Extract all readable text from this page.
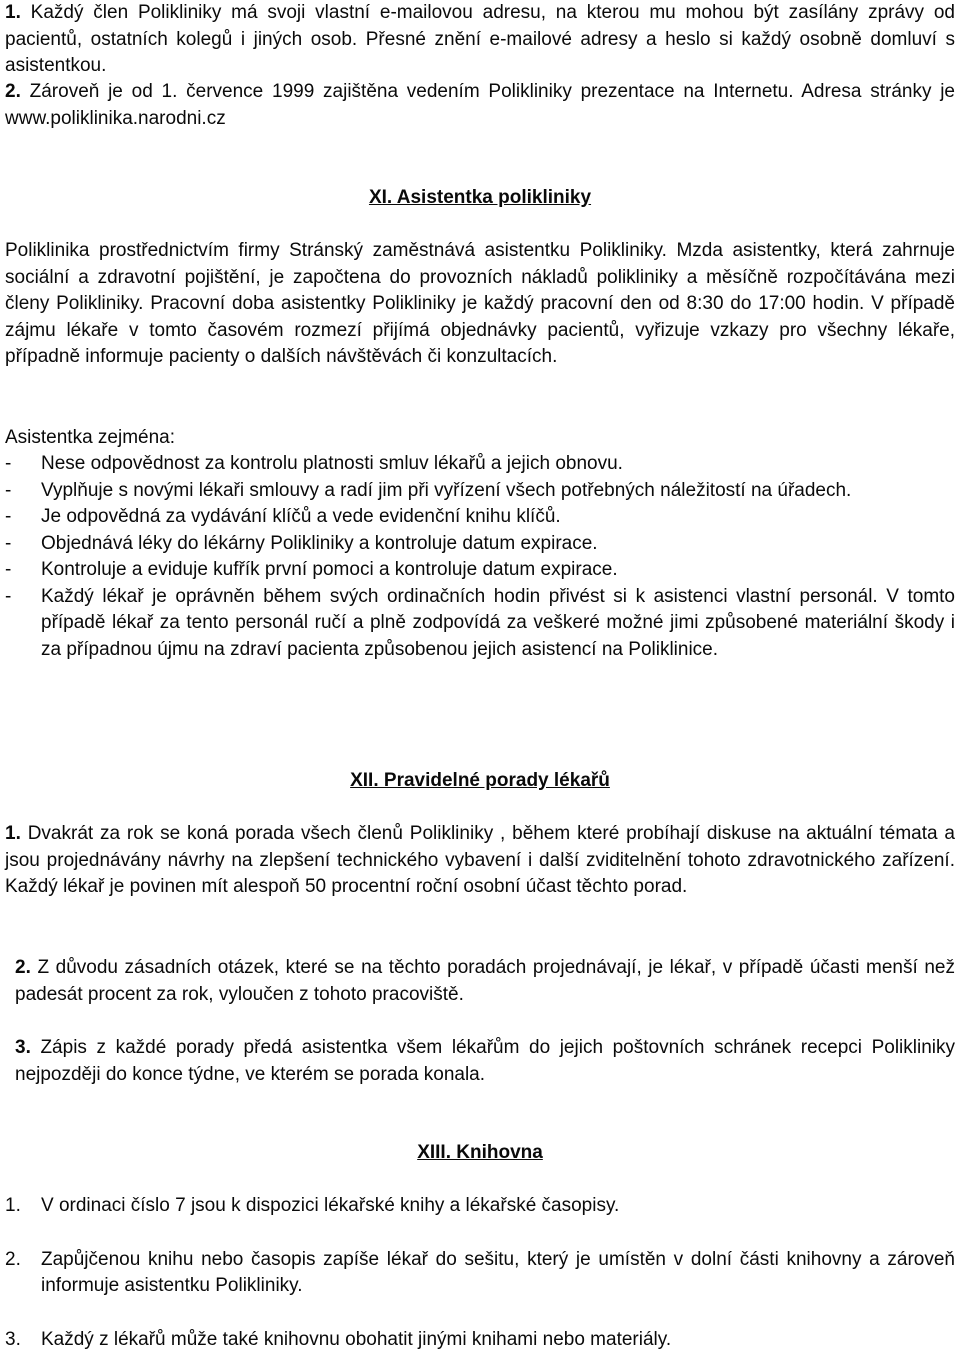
1. Každý člen Polikliniky má svoji vlastní e-mailovou adresu, na kterou mu mohou být zasílány zprávy od pacientů, ostatních kolegů i jiných osob. Přesné znění e-mailové adresy a heslo si každý osobně domluví s asistentkou.

2. Zároveň je od 1. července 1999 zajištěna vedením Polikliniky prezentace na Internetu. Adresa stránky je www.poliklinika.narodni.cz

XI. Asistentka polikliniky

Poliklinika prostřednictvím firmy Stránský zaměstnává asistentku Polikliniky. Mzda asistentky, která zahrnuje sociální a zdravotní pojištění, je započtena do provozních nákladů polikliniky a měsíčně rozpočítávána mezi členy Polikliniky. Pracovní doba asistentky Polikliniky je každý pracovní den od 8:30 do 17:00 hodin. V případě zájmu lékaře v tomto časovém rozmezí přijímá objednávky pacientů, vyřizuje vzkazy pro všechny lékaře, případně informuje pacienty o dalších návštěvách či konzultacích.

Asistentka zejména:

- Nese odpovědnost za kontrolu platnosti smluv lékařů a jejich obnovu.
- Vyplňuje s novými lékaři smlouvy a radí jim při vyřízení všech potřebných náležitostí na úřadech.
- Je odpovědná za vydávání klíčů a vede evidenční knihu klíčů.
- Objednává léky do lékárny Polikliniky a kontroluje datum expirace.
- Kontroluje a eviduje kufřík první pomoci a kontroluje datum expirace.
- Každý lékař je oprávněn během svých ordinačních hodin přivést si k asistenci vlastní personál. V tomto případě lékař za tento personál ručí a plně zodpovídá za veškeré možné jimi způsobené materiální škody i za případnou újmu na zdraví pacienta způsobenou jejich asistencí na Poliklinice.
XII. Pravidelné porady lékařů

1. Dvakrát za rok se koná porada všech členů Polikliniky , během které probíhají diskuse na aktuální témata a jsou projednávány návrhy na zlepšení technického vybavení i další zviditelnění tohoto zdravotnického zařízení. Každý lékař je povinen mít alespoň 50 procentní roční osobní účast těchto porad.

2. Z důvodu zásadních otázek, které se na těchto poradách projednávají, je lékař, v případě účasti menší než padesát procent za rok, vyloučen z tohoto pracoviště.

3. Zápis z každé porady předá asistentka všem lékařům do jejich poštovních schránek recepci Polikliniky nejpozději do konce týdne, ve kterém se porada konala.

XIII. Knihovna
1. V ordinaci číslo 7 jsou k dispozici lékařské knihy a lékařské časopisy.
2. Zapůjčenou knihu nebo časopis zapíše lékař do sešitu, který je umístěn v dolní části knihovny a zároveň informuje asistentku Polikliniky.
3. Každý z lékařů může také knihovnu obohatit jinými knihami nebo materiály.
